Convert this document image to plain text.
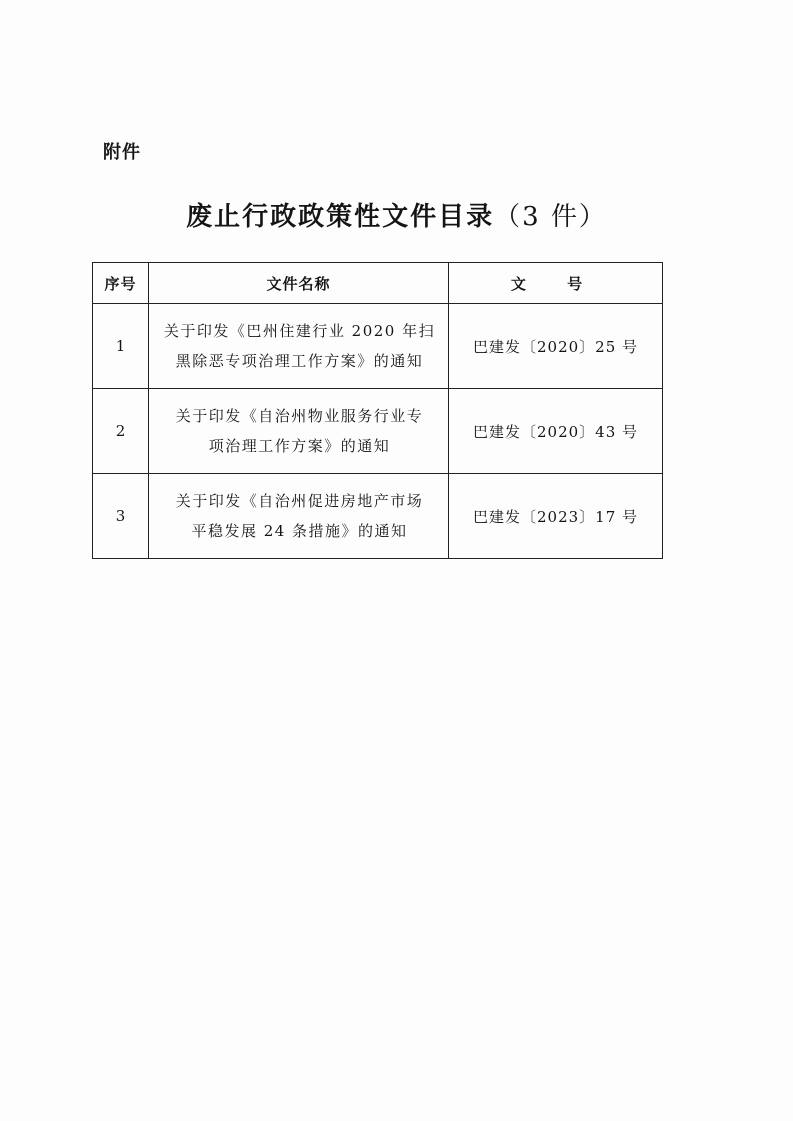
附件
废止行政政策性文件目录（3 件）
序号	文件名称	文 号
1	关于印发《巴州住建行业 2020 年扫
黑除恶专项治理工作方案》的通知	巴建发〔2020〕25 号
2	关于印发《自治州物业服务行业专
项治理工作方案》的通知	巴建发〔2020〕43 号
3	关于印发《自治州促进房地产市场
平稳发展 24 条措施》的通知	巴建发〔2023〕17 号
